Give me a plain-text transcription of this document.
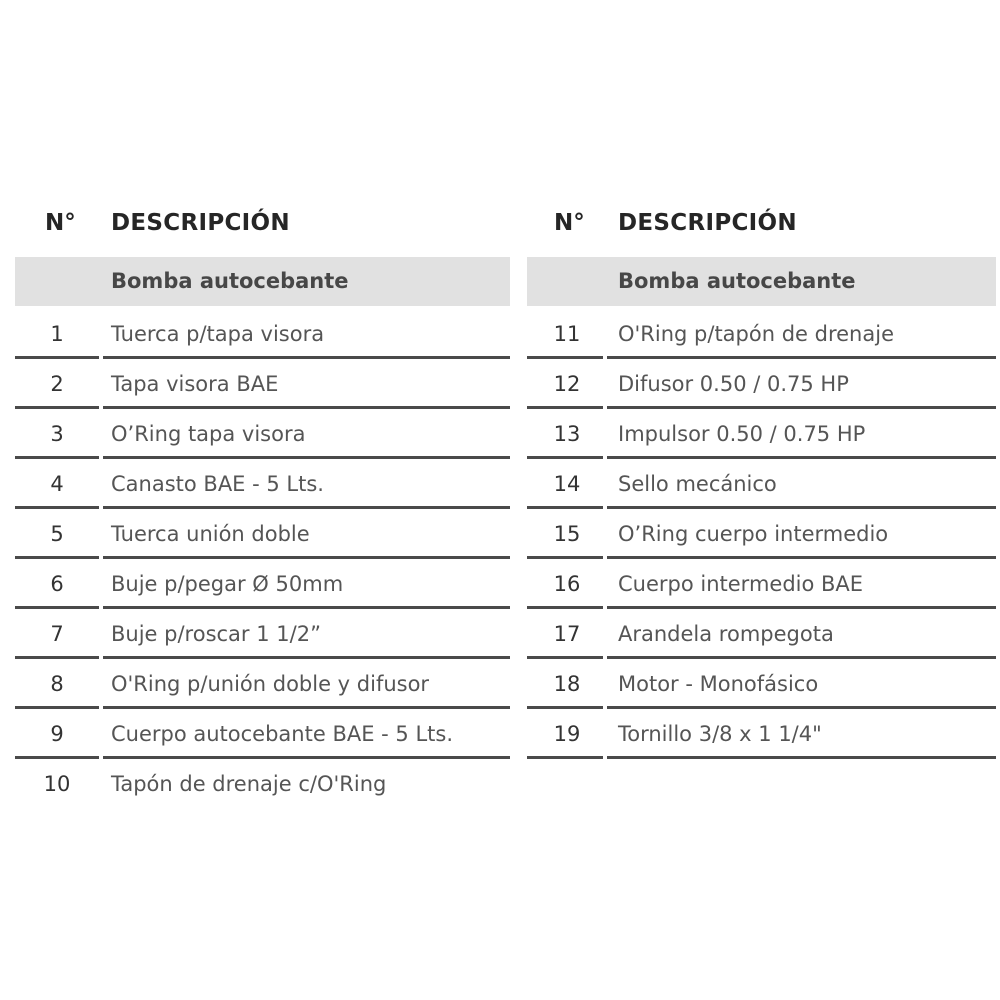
N° DESCRIPCIÓN
Bomba autocebante
1	Tuerca p/tapa visora
2	Tapa visora BAE
3	O’Ring tapa visora
4	Canasto BAE - 5 Lts.
5	Tuerca unión doble
6	Buje p/pegar Ø 50mm
7	Buje p/roscar 1 1/2”
8	O'Ring p/unión doble y difusor
9	Cuerpo autocebante BAE - 5 Lts.
10	Tapón de drenaje c/O'Ring
N° DESCRIPCIÓN
Bomba autocebante
11	O'Ring p/tapón de drenaje
12	Difusor 0.50 / 0.75 HP
13	Impulsor 0.50 / 0.75 HP
14	Sello mecánico
15	O’Ring cuerpo intermedio
16	Cuerpo intermedio BAE
17	Arandela rompegota
18	Motor - Monofásico
19	Tornillo 3/8 x 1 1/4"
